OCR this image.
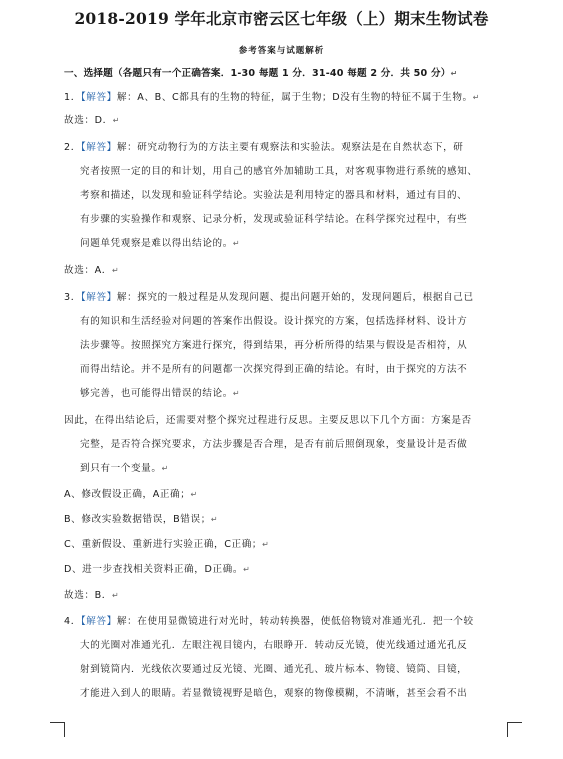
2018-2019 学年北京市密云区七年级（上）期末生物试卷
参考答案与试题解析
一、选择题（各题只有一个正确答案．1-30 每题 1 分．31-40 每题 2 分．共 50 分）↵
1．【解答】解：A、B、C都具有的生物的特征，属于生物；D没有生物的特征不属于生物。↵
故选：D．↵
2．【解答】解：研究动物行为的方法主要有观察法和实验法。观察法是在自然状态下，研
究者按照一定的目的和计划，用自己的感官外加辅助工具，对客观事物进行系统的感知、
考察和描述，以发现和验证科学结论。实验法是利用特定的器具和材料，通过有目的、
有步骤的实验操作和观察、记录分析，发现或验证科学结论。在科学探究过程中，有些
问题单凭观察是难以得出结论的。↵
故选：A．↵
3．【解答】解：探究的一般过程是从发现问题、提出问题开始的，发现问题后，根据自己已
有的知识和生活经验对问题的答案作出假设。设计探究的方案，包括选择材料、设计方
法步骤等。按照探究方案进行探究，得到结果，再分析所得的结果与假设是否相符，从
而得出结论。并不是所有的问题都一次探究得到正确的结论。有时，由于探究的方法不
够完善，也可能得出错误的结论。↵
因此，在得出结论后，还需要对整个探究过程进行反思。主要反思以下几个方面：方案是否
完整，是否符合探究要求，方法步骤是否合理，是否有前后照倒现象，变量设计是否做
到只有一个变量。↵
A、修改假设正确，A正确；↵
B、修改实验数据错误，B错误；↵
C、重新假设、重新进行实验正确，C正确；↵
D、进一步查找相关资料正确，D正确。↵
故选：B．↵
4．【解答】解：在使用显微镜进行对光时，转动转换器，使低倍物镜对准通光孔．把一个较
大的光圈对准通光孔．左眼注视目镜内，右眼睁开．转动反光镜，使光线通过通光孔反
射到镜筒内．光线依次要通过反光镜、光圈、通光孔、玻片标本、物镜、镜筒、目镜，
才能进入到人的眼睛。若显微镜视野是暗色，观察的物像模糊，不清晰，甚至会看不出
